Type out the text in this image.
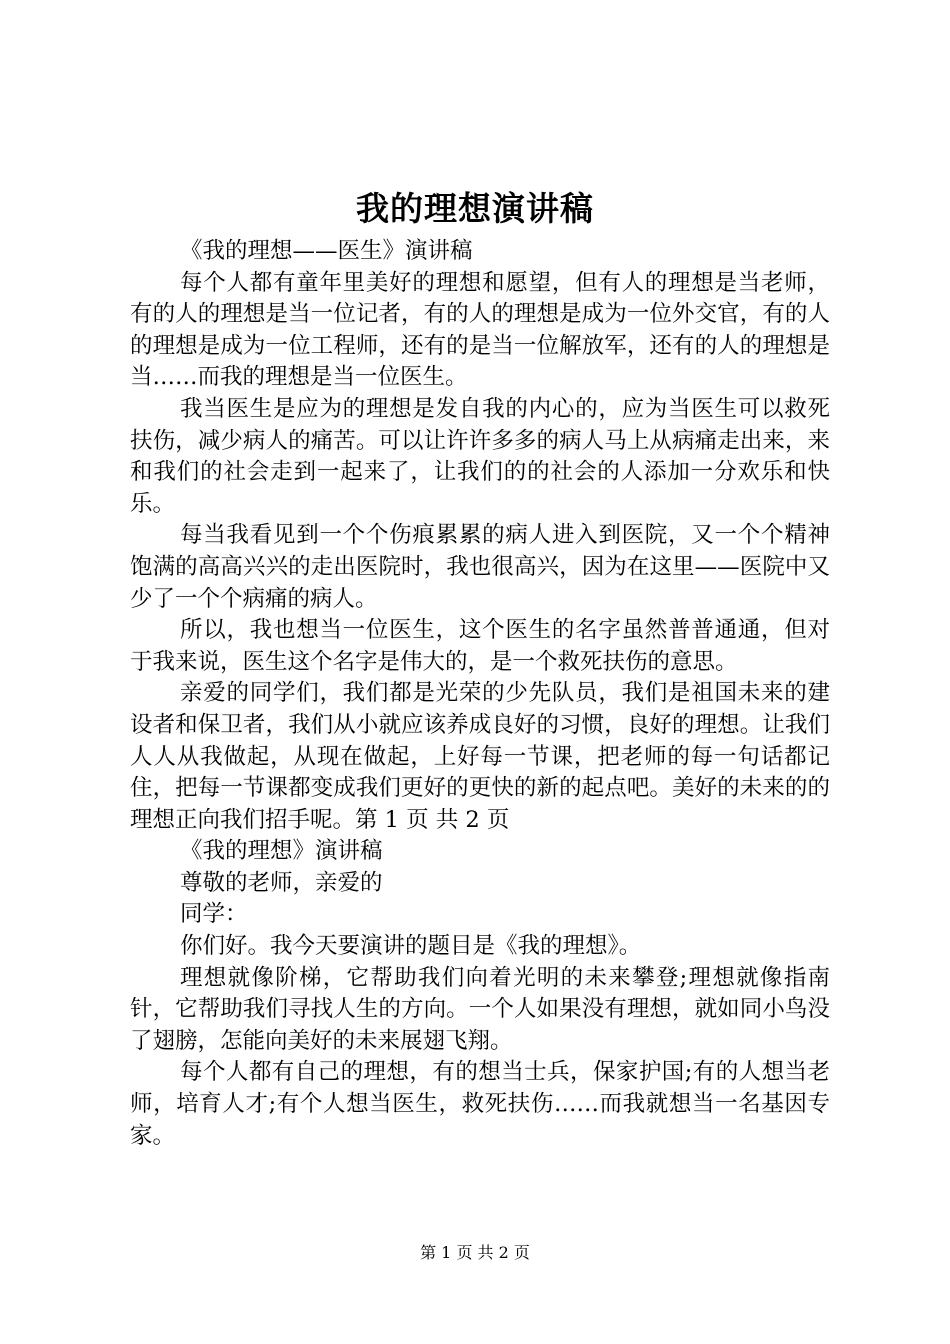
我的理想演讲稿

《我的理想——医生》演讲稿

每个人都有童年里美好的理想和愿望，但有人的理想是当老师，有的人的理想是当一位记者，有的人的理想是成为一位外交官，有的人的理想是成为一位工程师，还有的是当一位解放军，还有的人的理想是当……而我的理想是当一位医生。

我当医生是应为的理想是发自我的内心的，应为当医生可以救死扶伤，减少病人的痛苦。可以让许许多多的病人马上从病痛走出来，来和我们的社会走到一起来了，让我们的的社会的人添加一分欢乐和快乐。

每当我看见到一个个伤痕累累的病人进入到医院，又一个个精神饱满的高高兴兴的走出医院时，我也很高兴，因为在这里——医院中又少了一个个病痛的病人。

所以，我也想当一位医生，这个医生的名字虽然普普通通，但对于我来说，医生这个名字是伟大的，是一个救死扶伤的意思。

亲爱的同学们，我们都是光荣的少先队员，我们是祖国未来的建设者和保卫者，我们从小就应该养成良好的习惯，良好的理想。让我们人人从我做起，从现在做起，上好每一节课，把老师的每一句话都记住，把每一节课都变成我们更好的更快的新的起点吧。美好的未来的的理想正向我们招手呢。第 1 页 共 2 页

《我的理想》演讲稿

尊敬的老师，亲爱的

同学：

你们好。我今天要演讲的题目是《我的理想》。

理想就像阶梯，它帮助我们向着光明的未来攀登;理想就像指南针，它帮助我们寻找人生的方向。一个人如果没有理想，就如同小鸟没了翅膀，怎能向美好的未来展翅飞翔。

每个人都有自己的理想，有的想当士兵，保家护国;有的人想当老师，培育人才;有个人想当医生，救死扶伤……而我就想当一名基因专家。

第 1 页 共 2 页
